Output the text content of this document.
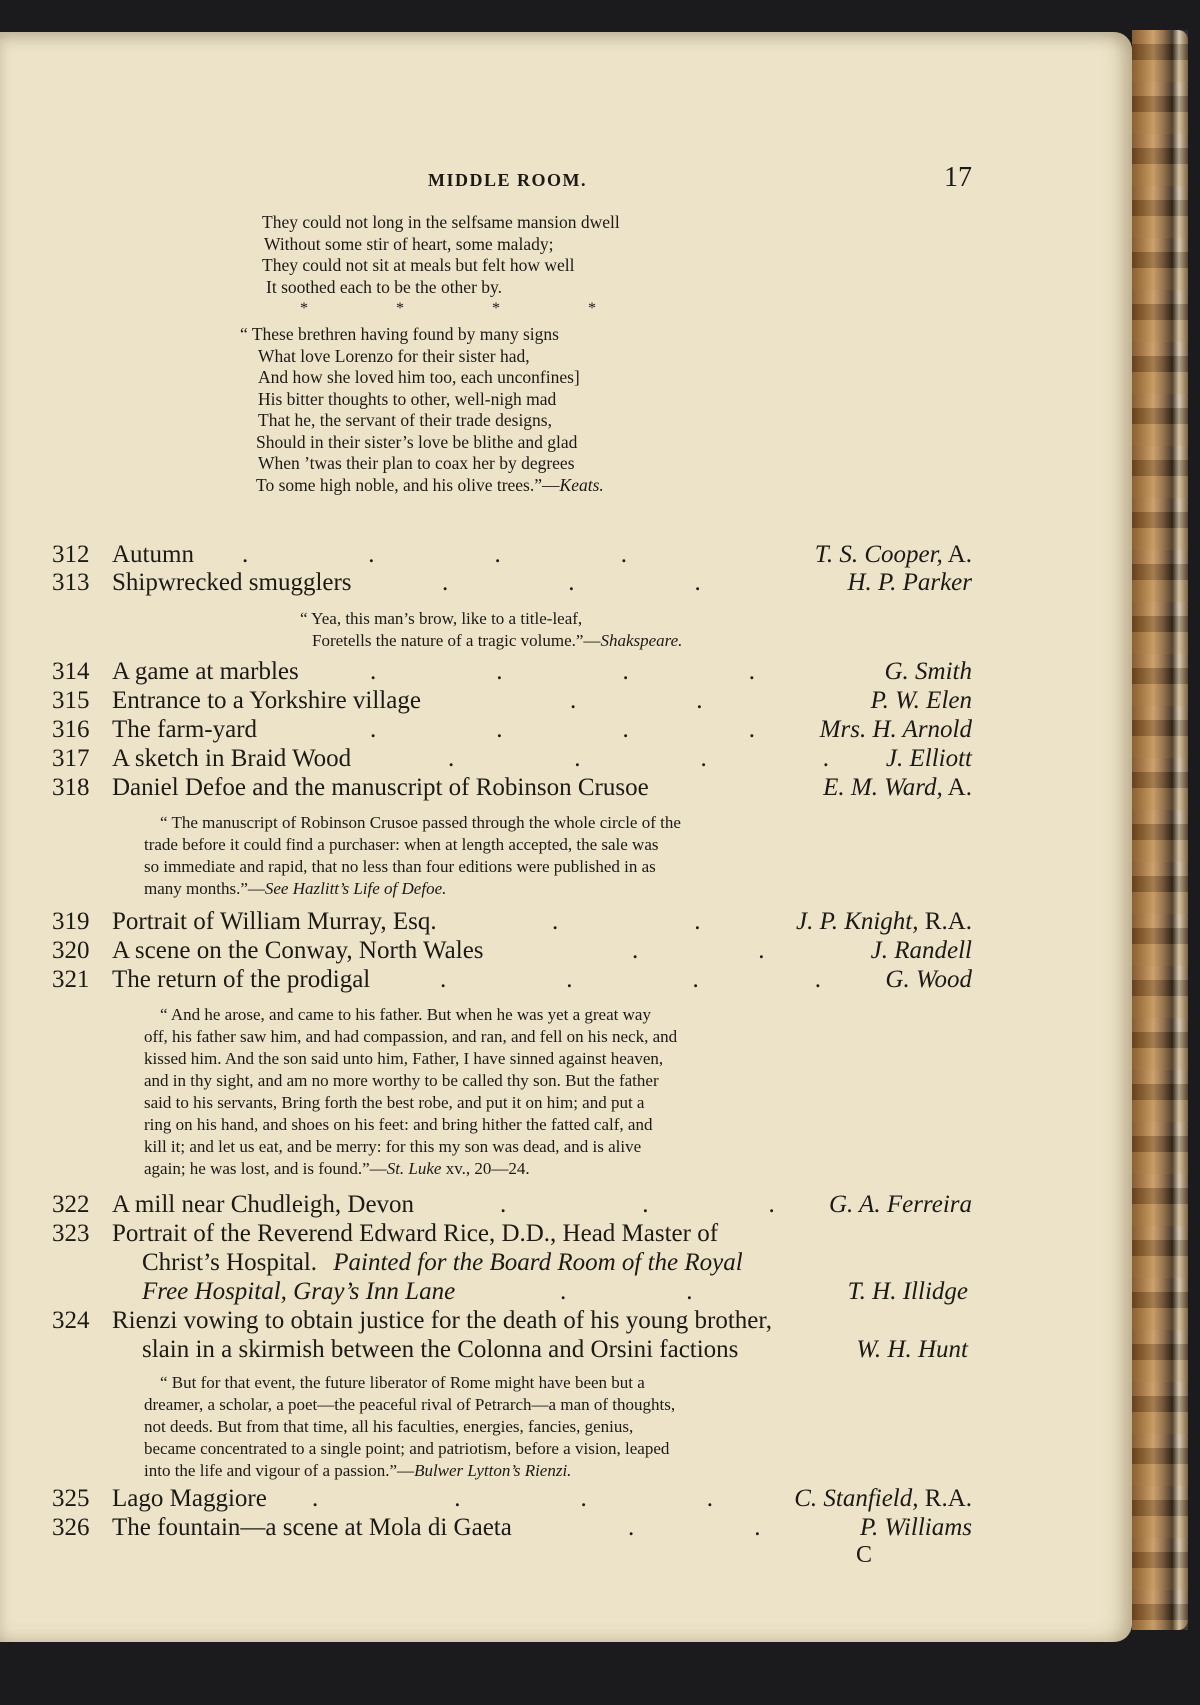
MIDDLE ROOM.	17
They could not long in the selfsame mansion dwell
Without some stir of heart, some malady;
They could not sit at meals but felt how well
It soothed each to be the other by.
*	*	*	*
“ These brethren having found by many signs
What love Lorenzo for their sister had,
And how she loved him too, each unconfines]
His bitter thoughts to other, well-nigh mad
That he, the servant of their trade designs,
Should in their sister’s love be blithe and glad
When ’twas their plan to coax her by degrees
To some high noble, and his olive trees.”—Keats.
312 Autumn .	.	.	.	T. S. Cooper, A.
313 Shipwrecked smugglers	.	.	.	H. P. Parker
“ Yea, this man’s brow, like to a title-leaf,
Foretells the nature of a tragic volume.”—Shakspeare.
314 A game at marbles	.	.	.	.	G. Smith
315 Entrance to a Yorkshire village	.	.	P. W. Elen
316 The farm-yard	.	.	.	.	Mrs. H. Arnold
317 A sketch in Braid Wood	.	.	.	. J. Elliott
318 Daniel Defoe and the manuscript of Robinson Crusoe	E. M. Ward, A.
“ The manuscript of Robinson Crusoe passed through the whole circle of the
trade before it could find a purchaser: when at length accepted, the sale was
so immediate and rapid, that no less than four editions were published in as
many months.”—See Hazlitt’s Life of Defoe.
319 Portrait of William Murray, Esq.	.	.	J. P. Knight, R.A.
320 A scene on the Conway, North Wales	.	.	J. Randell
321 The return of the prodigal	.	.	.	.	G. Wood
“ And he arose, and came to his father. But when he was yet a great way
off, his father saw him, and had compassion, and ran, and fell on his neck, and
kissed him. And the son said unto him, Father, I have sinned against heaven,
and in thy sight, and am no more worthy to be called thy son. But the father
said to his servants, Bring forth the best robe, and put it on him; and put a
ring on his hand, and shoes on his feet: and bring hither the fatted calf, and
kill it; and let us eat, and be merry: for this my son was dead, and is alive
again; he was lost, and is found.”—St. Luke xv., 20—24.
322 A mill near Chudleigh, Devon	.	.	. G. A. Ferreira
323 Portrait of the Reverend Edward Rice, D.D., Head Master of
Christ’s Hospital. Painted for the Board Room of the Royal
Free Hospital, Gray’s Inn Lane	.	.	T. H. Illidge
324 Rienzi vowing to obtain justice for the death of his young brother,
slain in a skirmish between the Colonna and Orsini factions	W. H. Hunt
“ But for that event, the future liberator of Rome might have been but a
dreamer, a scholar, a poet—the peaceful rival of Petrarch—a man of thoughts,
not deeds. But from that time, all his faculties, energies, fancies, genius,
became concentrated to a single point; and patriotism, before a vision, leaped
into the life and vigour of a passion.”—Bulwer Lytton’s Rienzi.
325 Lago Maggiore .	.	.	.	C. Stanfield, R.A.
326 The fountain—a scene at Mola di Gaeta	.	.	P. Williams
C
